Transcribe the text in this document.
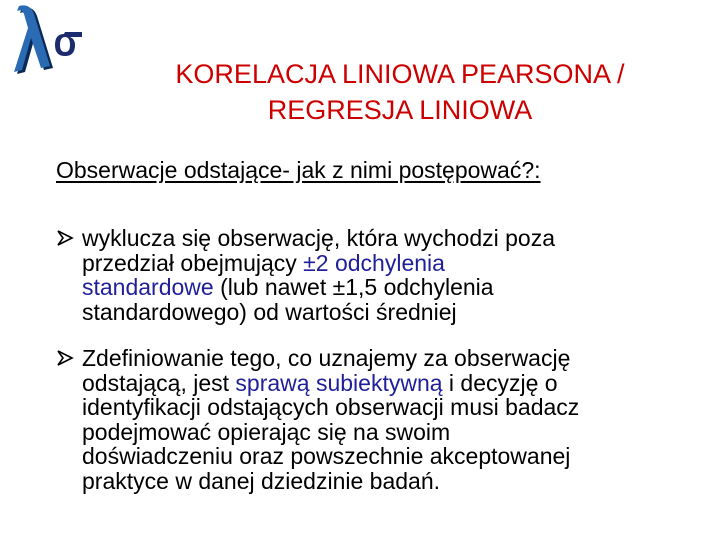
KORELACJA LINIOWA PEARSONA /
REGRESJA LINIOWA
Obserwacje odstające- jak z nimi postępować?:
wyklucza się obserwację, która wychodzi poza
przedział obejmujący ±2 odchylenia
standardowe (lub nawet ±1,5 odchylenia
standardowego) od wartości średniej
Zdefiniowanie tego, co uznajemy za obserwację
odstającą, jest sprawą subiektywną i decyzję o
identyfikacji odstających obserwacji musi badacz
podejmować opierając się na swoim
doświadczeniu oraz powszechnie akceptowanej
praktyce w danej dziedzinie badań.
